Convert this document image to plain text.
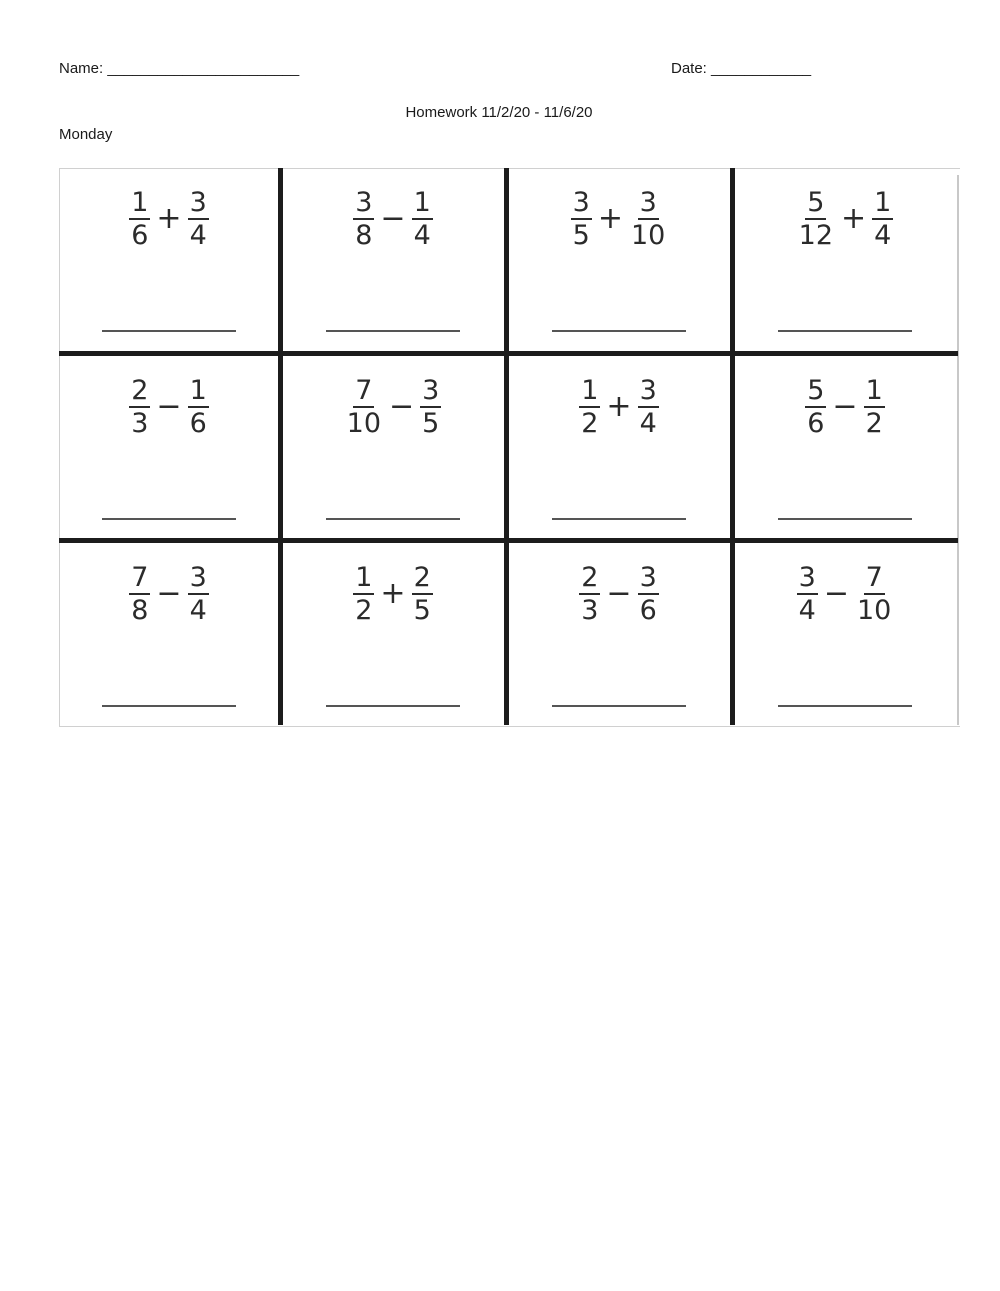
Name: _______________________	Date: ____________
Homework 11/2/20 - 11/6/20
Monday
$\frac{1}{6} + \frac{3}{4}$	$\frac{3}{8} - \frac{1}{4}$	$\frac{3}{5} + \frac{3}{10}$	$\frac{5}{12} + \frac{1}{4}$
$\frac{2}{3} - \frac{1}{6}$	$\frac{7}{10} - \frac{3}{5}$	$\frac{1}{2} + \frac{3}{4}$	$\frac{5}{6} - \frac{1}{2}$
$\frac{7}{8} - \frac{3}{4}$	$\frac{1}{2} + \frac{2}{5}$	$\frac{2}{3} - \frac{3}{6}$	$\frac{3}{4} - \frac{7}{10}$
